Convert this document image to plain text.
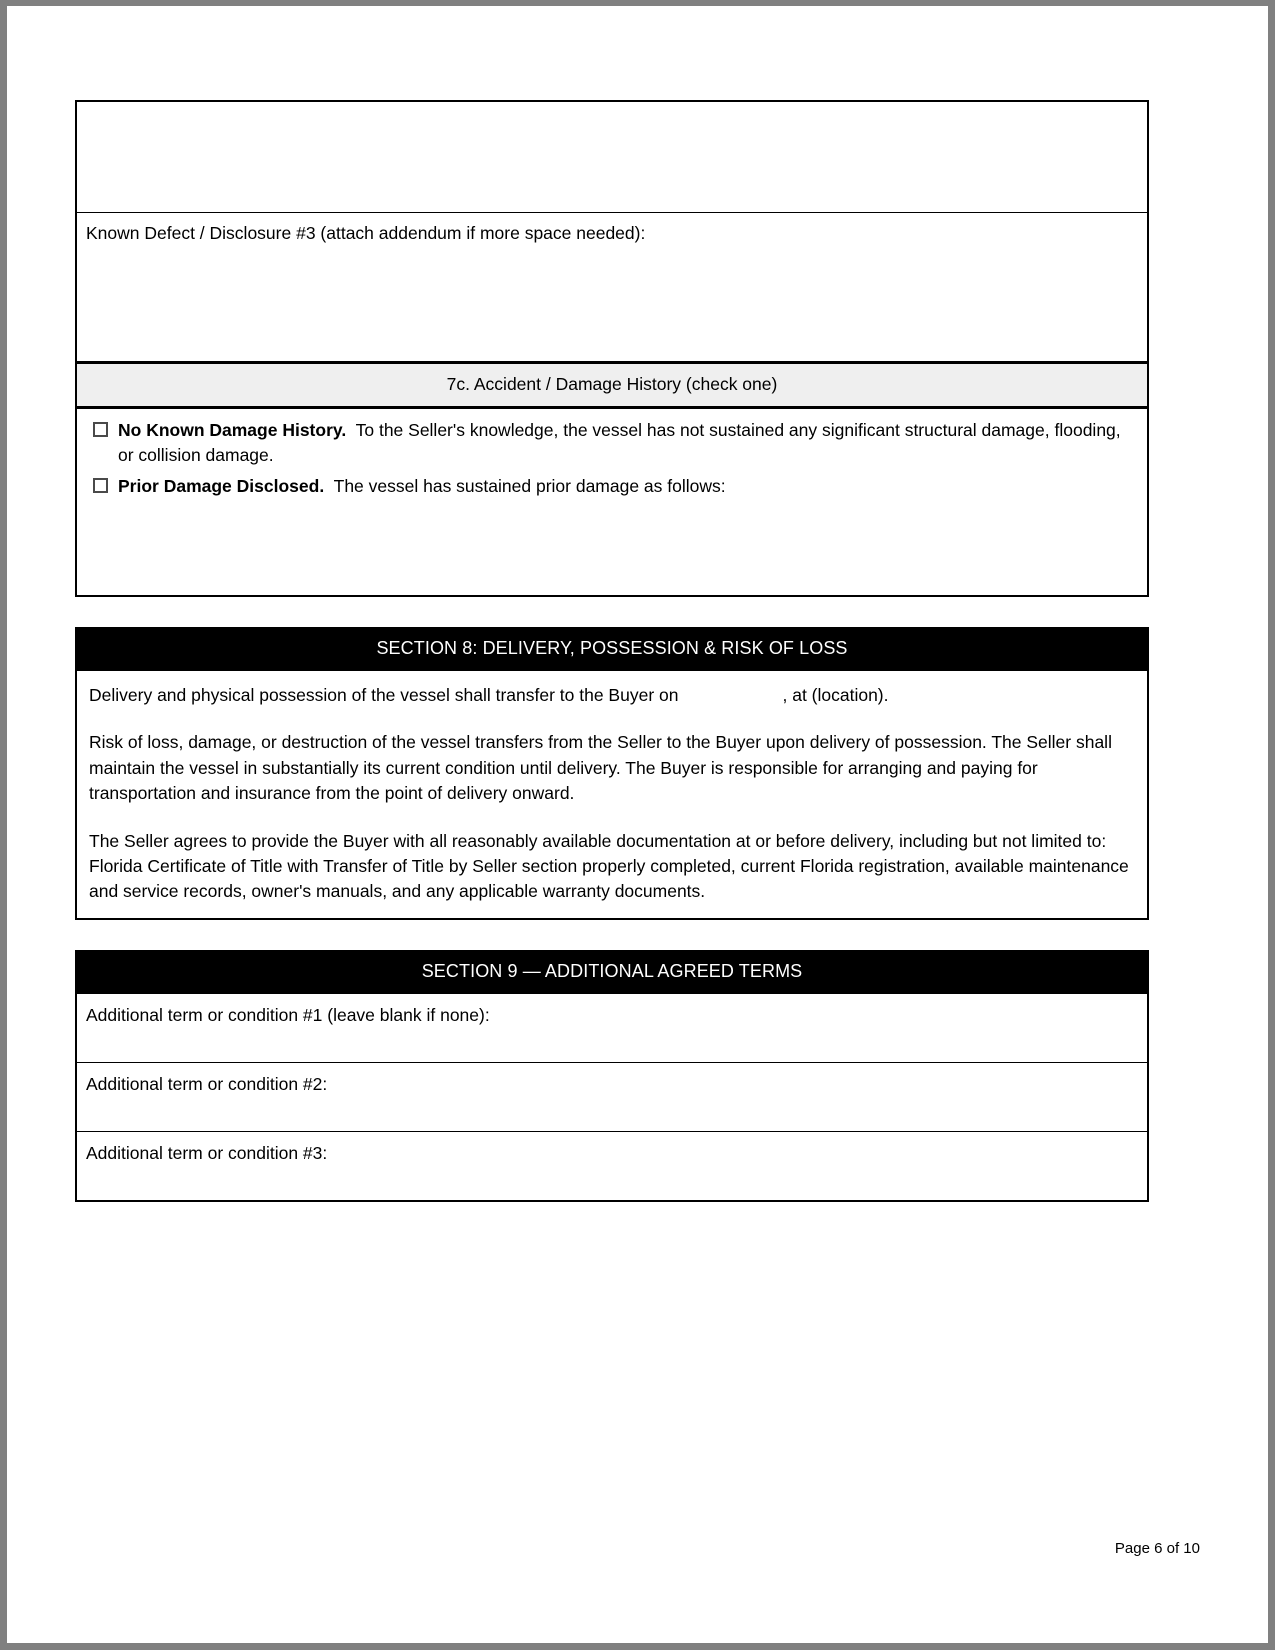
Known Defect / Disclosure #3 (attach addendum if more space needed):

7c. Accident / Damage History (check one)

No Known Damage History. To the Seller's knowledge, the vessel has not sustained any significant structural damage, flooding, or collision damage.
Prior Damage Disclosed. The vessel has sustained prior damage as follows:
SECTION 8: DELIVERY, POSSESSION & RISK OF LOSS

Delivery and physical possession of the vessel shall transfer to the Buyer on	, at (location).

Risk of loss, damage, or destruction of the vessel transfers from the Seller to the Buyer upon delivery of possession. The Seller shall maintain the vessel in substantially its current condition until delivery. The Buyer is responsible for arranging and paying for transportation and insurance from the point of delivery onward.

The Seller agrees to provide the Buyer with all reasonably available documentation at or before delivery, including but not limited to: Florida Certificate of Title with Transfer of Title by Seller section properly completed, current Florida registration, available maintenance and service records, owner's manuals, and any applicable warranty documents.

SECTION 9 — ADDITIONAL AGREED TERMS
Additional term or condition #1 (leave blank if none):

Additional term or condition #2:

Additional term or condition #3:
Page 6 of 10
